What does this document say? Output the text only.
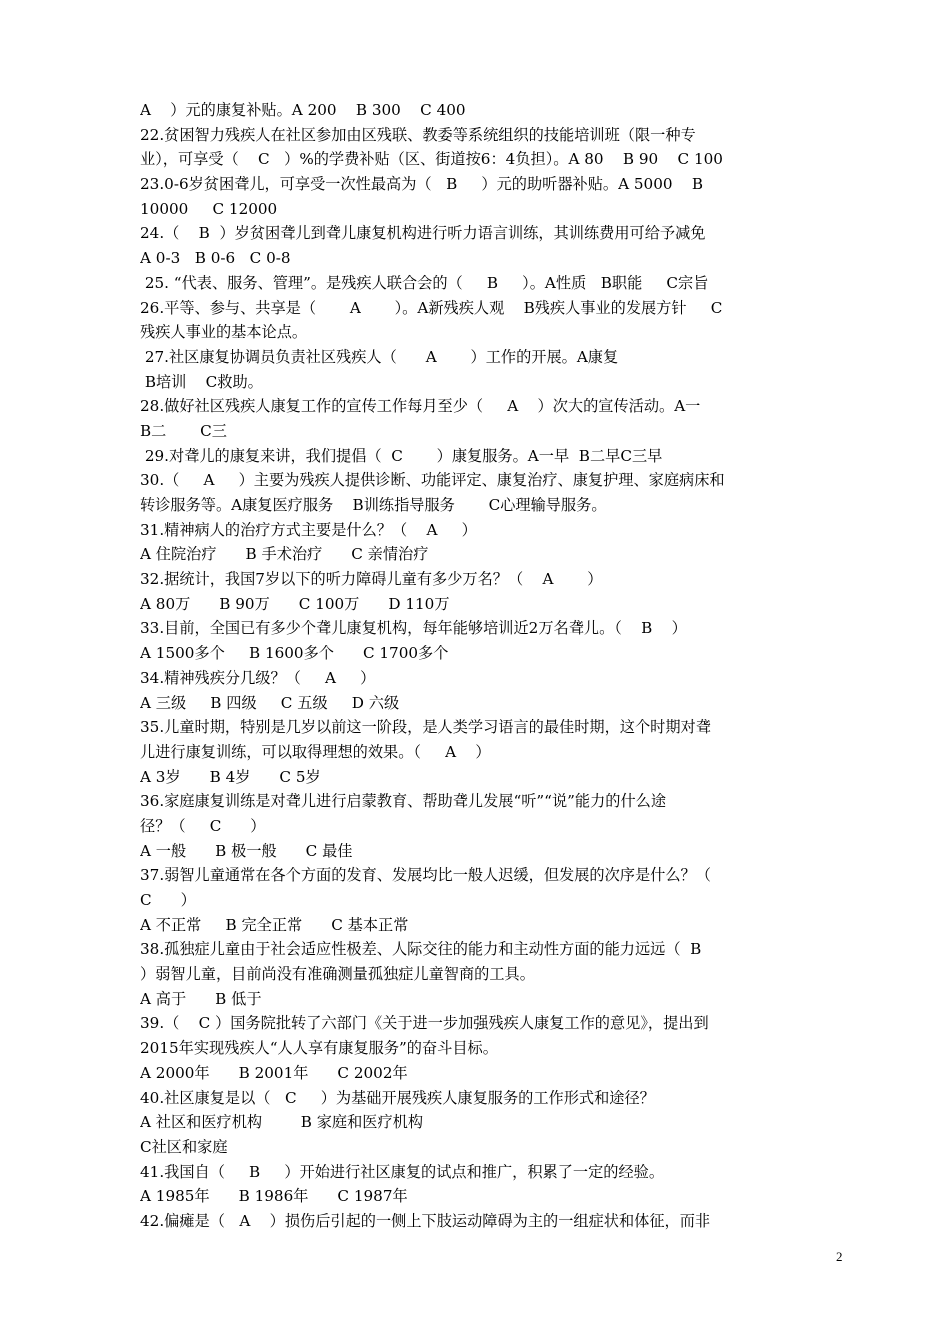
A    ）元的康复补贴。A 200    B 300    C 400
22.贫困智力残疾人在社区参加由区残联、教委等系统组织的技能培训班（限一种专
业），可享受（    C   ）%的学费补贴（区、街道按6：4负担）。A 80    B 90    C 100
23.0-6岁贫困聋儿，可享受一次性最高为（   B     ）元的助听器补贴。A 5000    B
10000     C 12000
24.（    B  ）岁贫困聋儿到聋儿康复机构进行听力语言训练，其训练费用可给予减免
A 0-3   B 0-6   C 0-8
25. “代表、服务、管理”。是残疾人联合会的（     B     ）。A性质   B职能     C宗旨
26.平等、参与、共享是（       A       ）。A新残疾人观    B残疾人事业的发展方针     C
残疾人事业的基本论点。
27.社区康复协调员负责社区残疾人（      A       ）工作的开展。A康复
B培训    C救助。
28.做好社区残疾人康复工作的宣传工作每月至少（     A    ）次大的宣传活动。A一
B二       C三
29.对聋儿的康复来讲，我们提倡（  C       ）康复服务。A一早  B二早C三早
30.（     A     ）主要为残疾人提供诊断、功能评定、康复治疗、康复护理、家庭病床和
转诊服务等。A康复医疗服务    B训练指导服务       C心理输导服务。
31.精神病人的治疗方式主要是什么？（    A     ）
A 住院治疗      B 手术治疗      C 亲情治疗
32.据统计，我国7岁以下的听力障碍儿童有多少万名？（    A       ）
A 80万      B 90万      C 100万      D 110万
33.目前，全国已有多少个聋儿康复机构，每年能够培训近2万名聋儿。（    B    ）
A 1500多个     B 1600多个      C 1700多个
34.精神残疾分几级？（     A     ）
A 三级     B 四级     C 五级     D 六级
35.儿童时期，特别是几岁以前这一阶段，是人类学习语言的最佳时期，这个时期对聋
儿进行康复训练，可以取得理想的效果。（     A    ）
A 3岁      B 4岁      C 5岁
36.家庭康复训练是对聋儿进行启蒙教育、帮助聋儿发展“听”“说”能力的什么途
径？（     C      ）
A 一般      B 极一般      C 最佳
37.弱智儿童通常在各个方面的发育、发展均比一般人迟缓，但发展的次序是什么？（
C      ）
A 不正常     B 完全正常      C 基本正常
38.孤独症儿童由于社会适应性极差、人际交往的能力和主动性方面的能力远远（  B
）弱智儿童，目前尚没有准确测量孤独症儿童智商的工具。
A 高于      B 低于
39.（    C ）国务院批转了六部门《关于进一步加强残疾人康复工作的意见》，提出到
2015年实现残疾人“人人享有康复服务”的奋斗目标。
A 2000年      B 2001年      C 2002年
40.社区康复是以（   C     ）为基础开展残疾人康复服务的工作形式和途径？
A 社区和医疗机构        B 家庭和医疗机构
C社区和家庭
41.我国自（     B     ）开始进行社区康复的试点和推广，积累了一定的经验。
A 1985年      B 1986年      C 1987年
42.偏瘫是（   A    ）损伤后引起的一侧上下肢运动障碍为主的一组症状和体征，而非
2
